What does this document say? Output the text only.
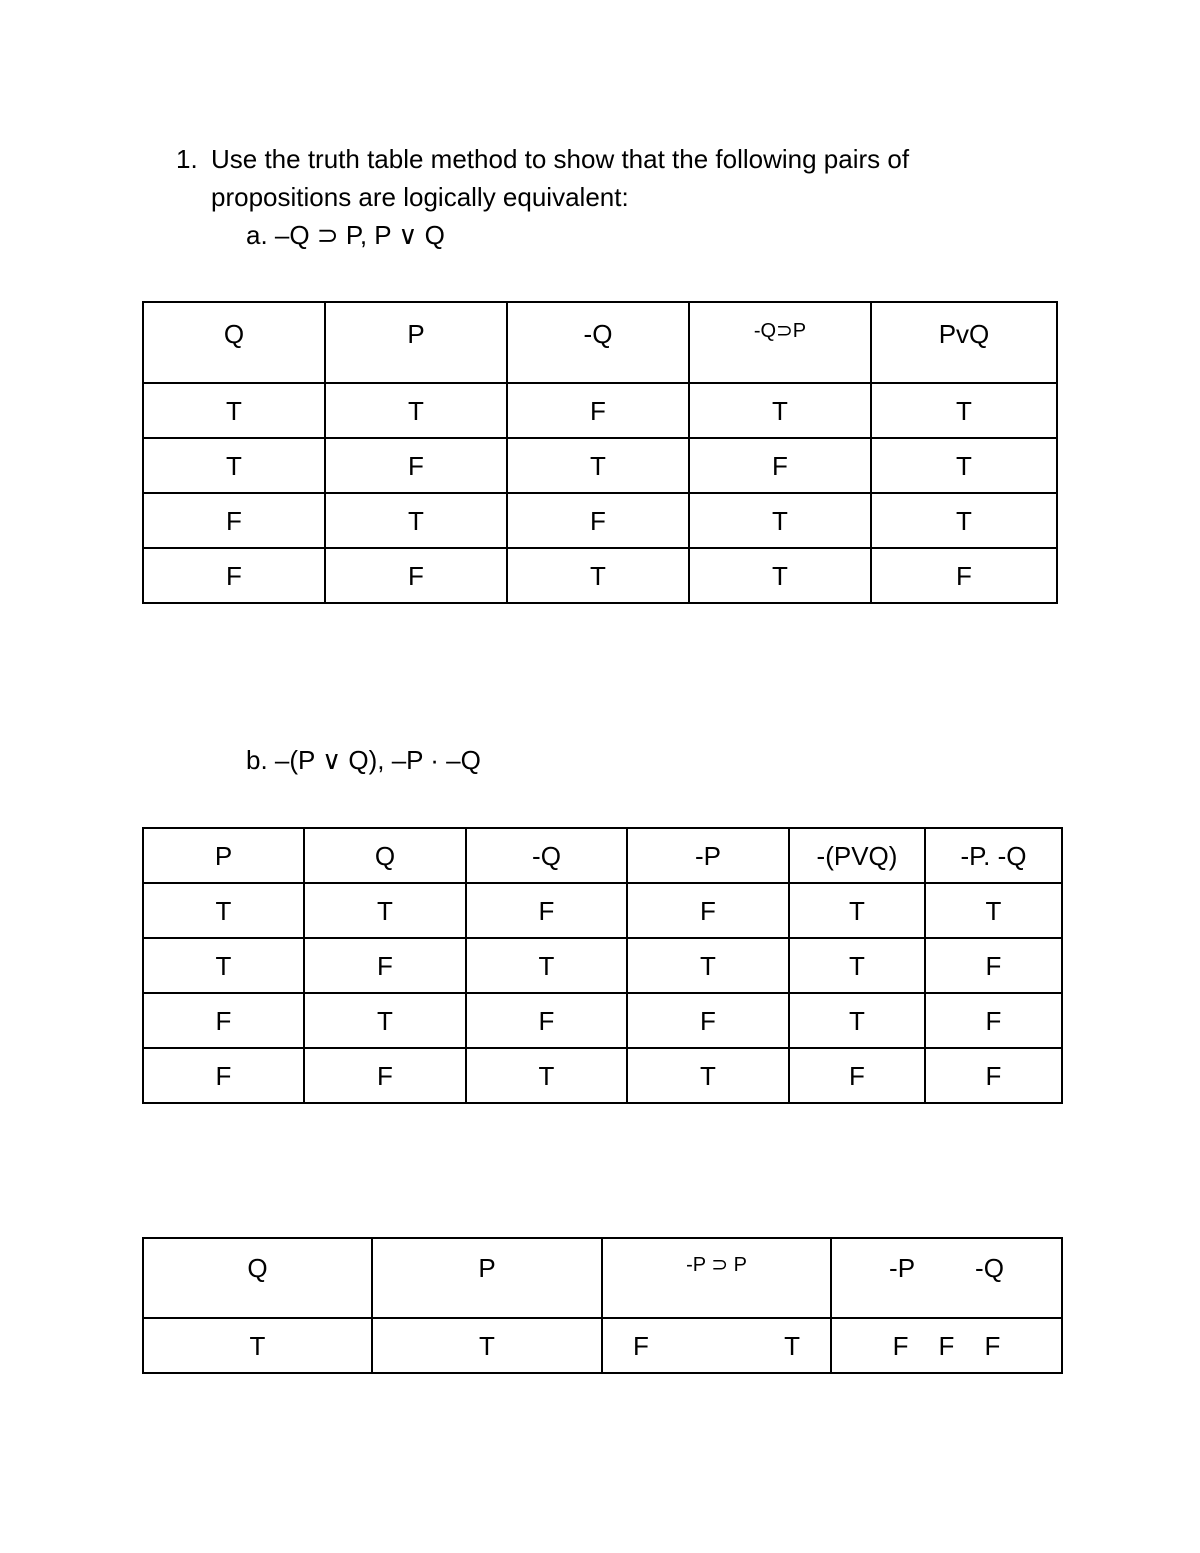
1. Use the truth table method to show that the following pairs of
propositions are logically equivalent:
a. –Q ⊃ P, P ∨ Q
Q	P	-Q	-Q⊃P	PvQ
T	T	F	T	T
T	F	T	F	T
F	T	F	T	T
F	F	T	T	F
b. –(P ∨ Q), –P · –Q
P	Q	-Q	-P	-(PVQ)	-P. -Q
T	T	F	F	T	T
T	F	T	T	T	F
F	T	F	F	T	F
F	F	T	T	F	F
Q	P	-P ⊃ P	-P -Q

T	T	F T	F F F
